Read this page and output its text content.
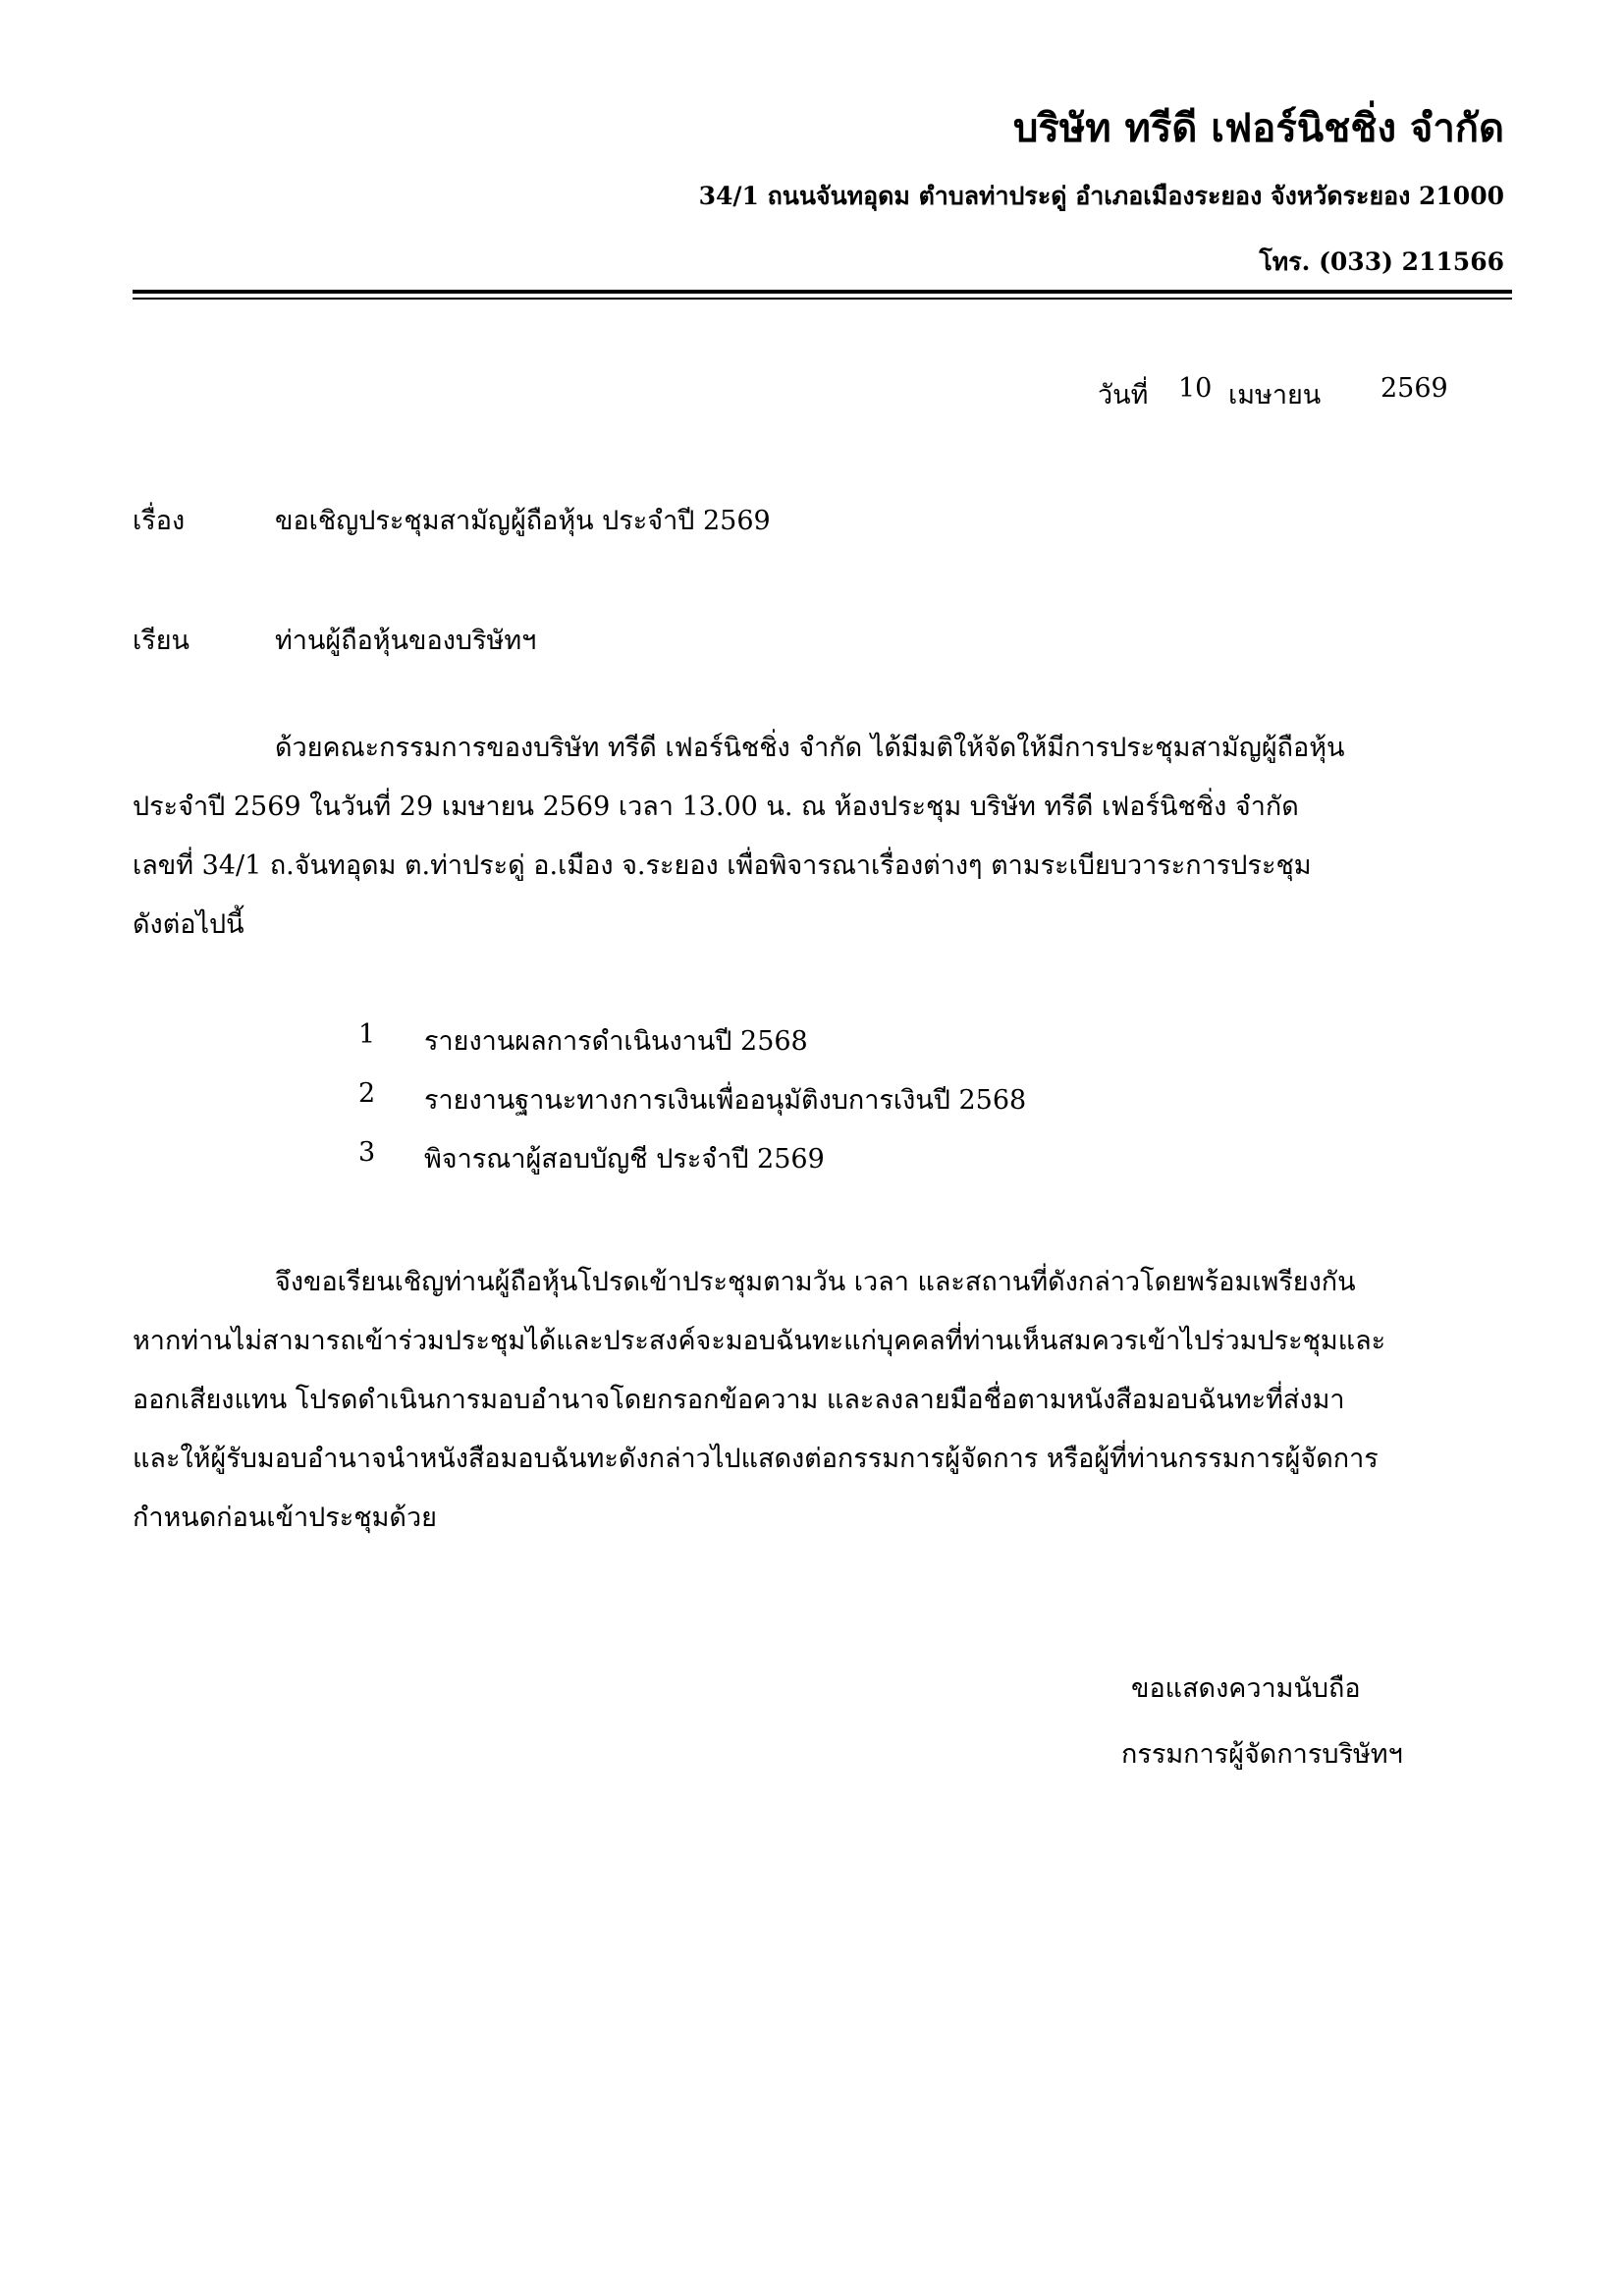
บริษัท ทรีดี เฟอร์นิชชิ่ง จำกัด
34/1 ถนนจันทอุดม ตำบลท่าประดู่ อำเภอเมืองระยอง จังหวัดระยอง 21000
โทร. (033) 211566
วันที่ 10 เมษายน 2569
เรื่อง	ขอเชิญประชุมสามัญผู้ถือหุ้น ประจำปี 2569
เรียน	ท่านผู้ถือหุ้นของบริษัทฯ
ด้วยคณะกรรมการของบริษัท ทรีดี เฟอร์นิชชิ่ง จำกัด ได้มีมติให้จัดให้มีการประชุมสามัญผู้ถือหุ้น
ประจำปี 2569 ในวันที่ 29 เมษายน 2569 เวลา 13.00 น. ณ ห้องประชุม บริษัท ทรีดี เฟอร์นิชชิ่ง จำกัด
เลขที่ 34/1 ถ.จันทอุดม ต.ท่าประดู่ อ.เมือง จ.ระยอง เพื่อพิจารณาเรื่องต่างๆ ตามระเบียบวาระการประชุม
ดังต่อไปนี้
1	รายงานผลการดำเนินงานปี 2568
2	รายงานฐานะทางการเงินเพื่ออนุมัติงบการเงินปี 2568
3	พิจารณาผู้สอบบัญชี ประจำปี 2569
จึงขอเรียนเชิญท่านผู้ถือหุ้นโปรดเข้าประชุมตามวัน เวลา และสถานที่ดังกล่าวโดยพร้อมเพรียงกัน
หากท่านไม่สามารถเข้าร่วมประชุมได้และประสงค์จะมอบฉันทะแก่บุคคลที่ท่านเห็นสมควรเข้าไปร่วมประชุมและ
ออกเสียงแทน โปรดดำเนินการมอบอำนาจโดยกรอกข้อความ และลงลายมือชื่อตามหนังสือมอบฉันทะที่ส่งมา
และให้ผู้รับมอบอำนาจนำหนังสือมอบฉันทะดังกล่าวไปแสดงต่อกรรมการผู้จัดการ หรือผู้ที่ท่านกรรมการผู้จัดการ
กำหนดก่อนเข้าประชุมด้วย
ขอแสดงความนับถือ
กรรมการผู้จัดการบริษัทฯ
